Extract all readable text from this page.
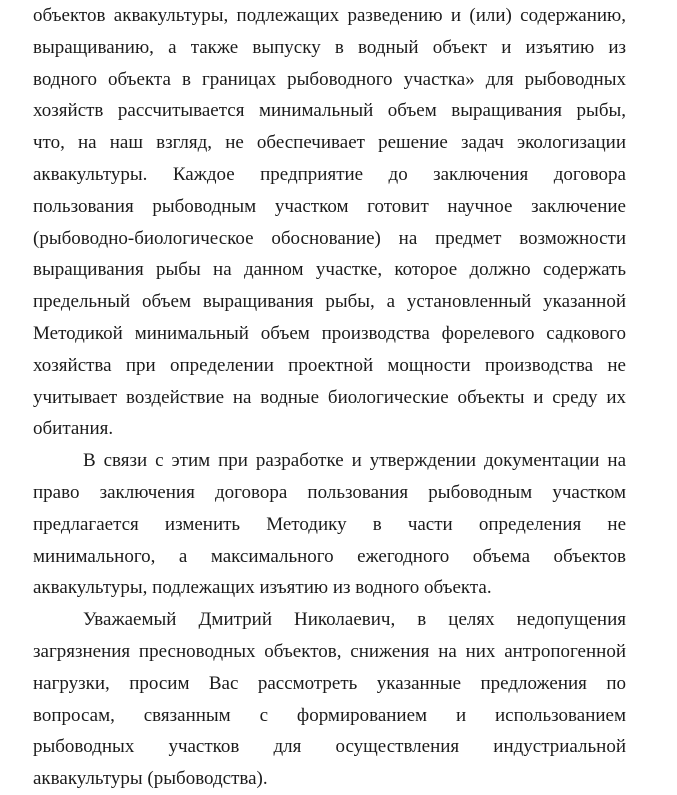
объектов аквакультуры, подлежащих разведению и (или) содержанию,
выращиванию, а также выпуску в водный объект и изъятию из
водного объекта в границах рыбоводного участка» для рыбоводных
хозяйств рассчитывается минимальный объем выращивания рыбы,
что, на наш взгляд, не обеспечивает решение задач экологизации
аквакультуры. Каждое предприятие до заключения договора
пользования рыбоводным участком готовит научное заключение
(рыбоводно-биологическое обоснование) на предмет возможности
выращивания рыбы на данном участке, которое должно содержать
предельный объем выращивания рыбы, а установленный указанной
Методикой минимальный объем производства форелевого садкового
хозяйства при определении проектной мощности производства не
учитывает воздействие на водные биологические объекты и среду их
обитания.
В связи с этим при разработке и утверждении документации на
право заключения договора пользования рыбоводным участком
предлагается изменить Методику в части определения не
минимального, а максимального ежегодного объема объектов
аквакультуры, подлежащих изъятию из водного объекта.
Уважаемый Дмитрий Николаевич, в целях недопущения
загрязнения пресноводных объектов, снижения на них антропогенной
нагрузки, просим Вас рассмотреть указанные предложения по
вопросам, связанным с формированием и использованием
рыбоводных участков для осуществления индустриальной
аквакультуры (рыбоводства).
